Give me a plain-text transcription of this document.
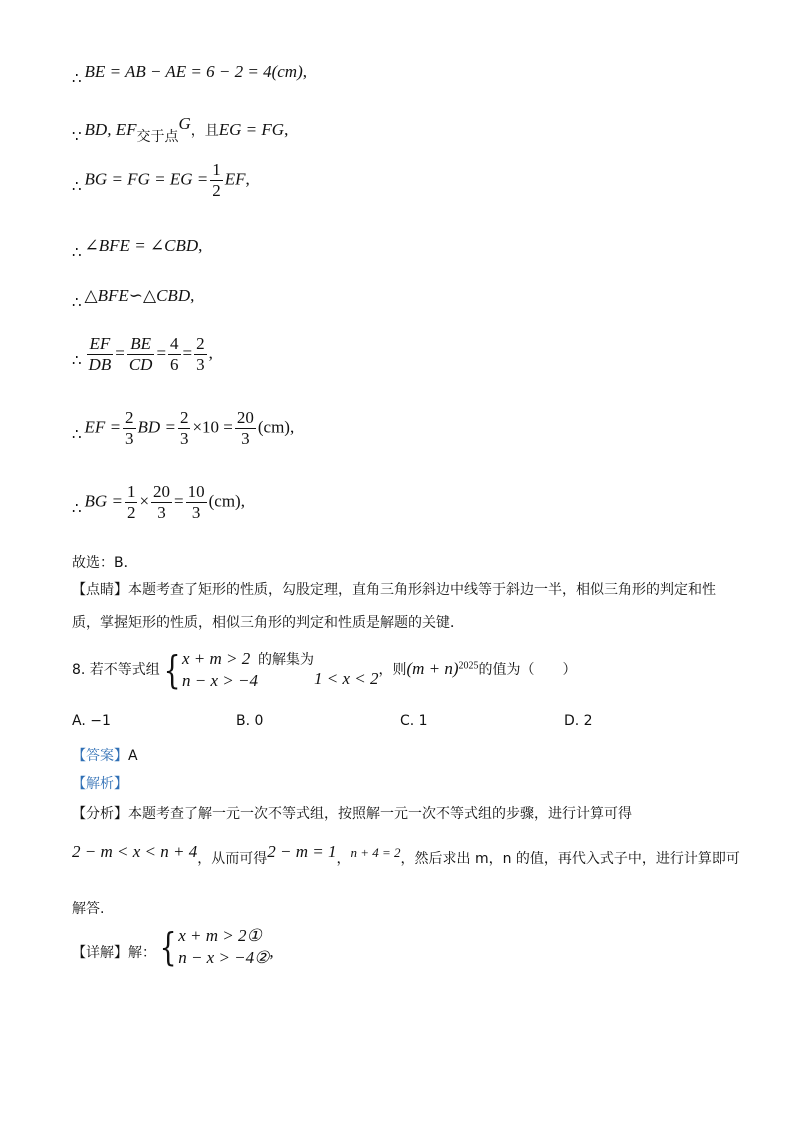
∴ BE = AB − AE = 6 − 2 = 4(cm),
∵ BD, EF交于点G，且EG = FG,
∴ BG = FG = EG = $\frac{1}{2}$ EF,
∴ ∠BFE = ∠CBD,
∴ △BFE∽△CBD,
∴ $\frac{EF}{DB} = \frac{BE}{CD} = \frac{4}{6} = \frac{2}{3}$ ,
∴ EF = $\frac{2}{3}$ BD = $\frac{2}{3} \times 10 = \frac{20}{3} (cm)$,
∴ BG = $\frac{1}{2} \times \frac{20}{3} = \frac{10}{3} (cm)$,
故选：B．
【点睛】本题考查了矩形的性质，勾股定理，直角三角形斜边中线等于斜边一半，相似三角形的判定和性质，掌握矩形的性质，相似三角形的判定和性质是解题的关键．
8. 若不等式组{ x + m > 2
n − x > −4
的解集为1 < x < 2，则$(m + n)^{2025}$的值为（　　）
A. −1	B. 0	C. 1	D. 2
【答案】A
【解析】
【分析】本题考查了解一元一次不等式组，按照解一元一次不等式组的步骤，进行计算可得
2 − m < x < n + 4，从而可得2 − m = 1，n + 4 = 2，然后求出 m，n 的值，再代入式子中，进行计算即可
解答.
【详解】解：{ x + m > 2①
n − x > −4② ,
